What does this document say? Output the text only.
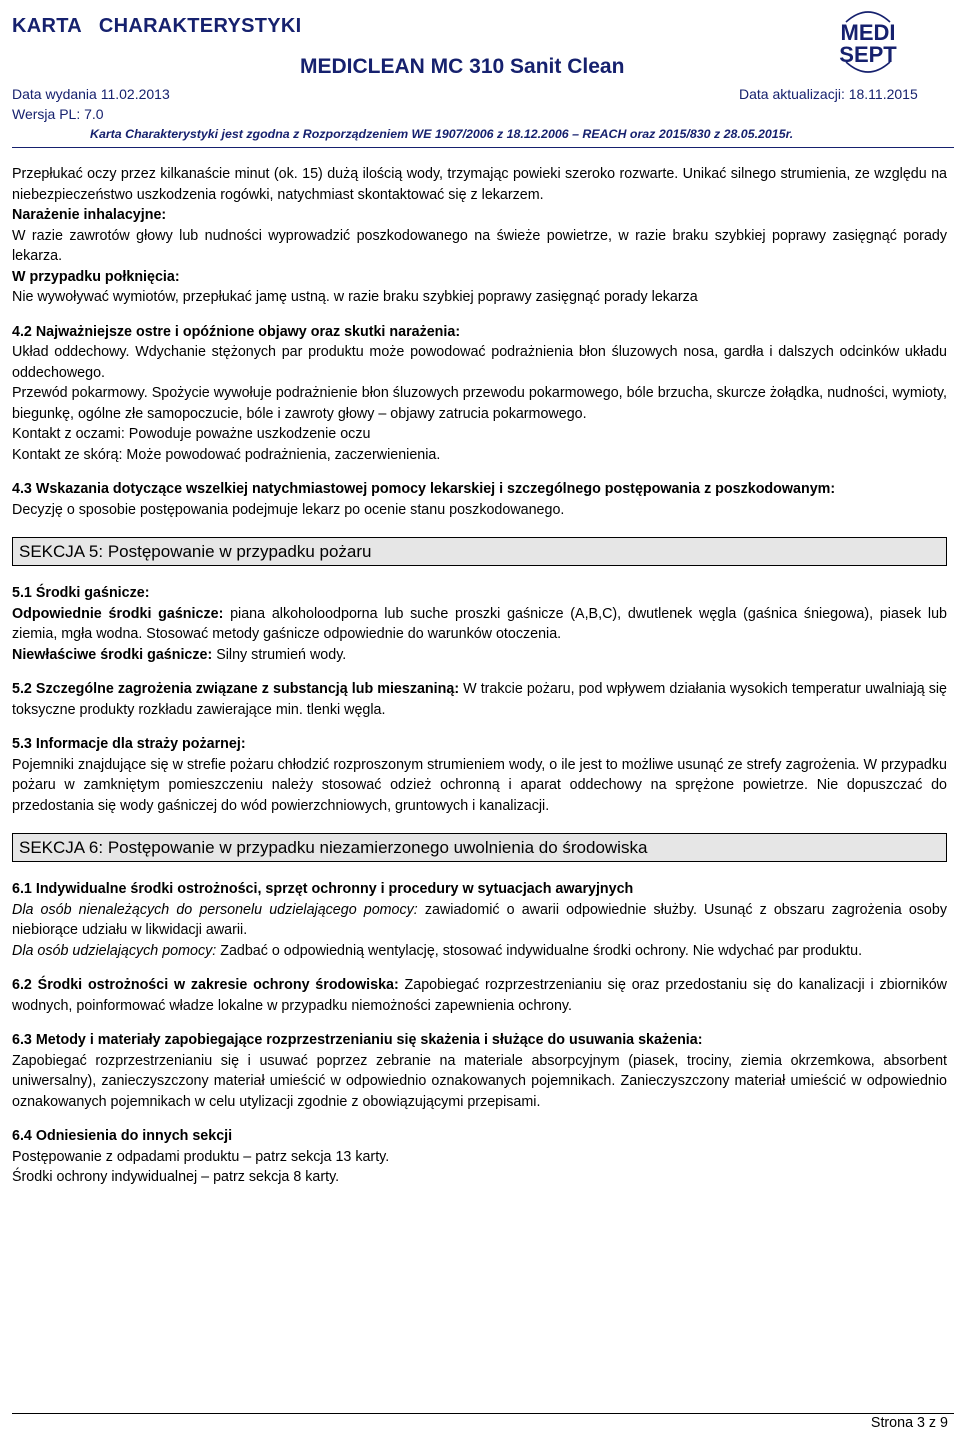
KARTA   CHARAKTERYSTYKI
MEDICLEAN MC 310 Sanit Clean
Data wydania 11.02.2013	Data aktualizacji: 18.11.2015
Wersja PL: 7.0
Karta Charakterystyki jest zgodna z Rozporządzeniem WE 1907/2006 z 18.12.2006 – REACH oraz 2015/830 z 28.05.2015r.
MEDI
SEPT

Przepłukać oczy przez kilkanaście minut (ok. 15) dużą ilością wody, trzymając powieki szeroko rozwarte. Unikać silnego strumienia, ze względu na niebezpieczeństwo uszkodzenia rogówki, natychmiast skontaktować się z lekarzem.

Narażenie inhalacyjne:

W razie zawrotów głowy lub nudności wyprowadzić poszkodowanego na świeże powietrze, w razie braku szybkiej poprawy zasięgnąć porady lekarza.

W przypadku połknięcia:

Nie wywoływać wymiotów, przepłukać jamę ustną. w razie braku szybkiej poprawy zasięgnąć porady lekarza

4.2 Najważniejsze ostre i opóźnione objawy oraz skutki narażenia:

Układ oddechowy. Wdychanie stężonych par produktu może powodować podrażnienia błon śluzowych nosa, gardła i dalszych odcinków układu oddechowego.

Przewód pokarmowy. Spożycie wywołuje podrażnienie błon śluzowych przewodu pokarmowego, bóle brzucha, skurcze żołądka, nudności, wymioty, biegunkę, ogólne złe samopoczucie, bóle i zawroty głowy – objawy zatrucia pokarmowego.

Kontakt z oczami: Powoduje poważne uszkodzenie oczu

Kontakt ze skórą: Może powodować podrażnienia, zaczerwienienia.

4.3 Wskazania dotyczące wszelkiej natychmiastowej pomocy lekarskiej i szczególnego postępowania z poszkodowanym:

Decyzję o sposobie postępowania podejmuje lekarz po ocenie stanu poszkodowanego.

SEKCJA 5: Postępowanie w przypadku pożaru

5.1 Środki gaśnicze:

Odpowiednie środki gaśnicze: piana alkoholoodporna lub suche proszki gaśnicze (A,B,C), dwutlenek węgla (gaśnica śniegowa), piasek lub ziemia, mgła wodna. Stosować metody gaśnicze odpowiednie do warunków otoczenia.

Niewłaściwe środki gaśnicze: Silny strumień wody.

5.2 Szczególne zagrożenia związane z substancją lub mieszaniną: W trakcie pożaru, pod wpływem działania wysokich temperatur uwalniają się toksyczne produkty rozkładu zawierające min. tlenki węgla.

5.3 Informacje dla straży pożarnej:

Pojemniki znajdujące się w strefie pożaru chłodzić rozproszonym strumieniem wody, o ile jest to możliwe usunąć ze strefy zagrożenia. W przypadku pożaru w zamkniętym pomieszczeniu należy stosować odzież ochronną i aparat oddechowy na sprężone powietrze. Nie dopuszczać do przedostania się wody gaśniczej do wód powierzchniowych, gruntowych i kanalizacji.

SEKCJA 6: Postępowanie w przypadku niezamierzonego uwolnienia do środowiska

6.1 Indywidualne środki ostrożności, sprzęt ochronny i procedury w sytuacjach awaryjnych

Dla osób nienależących do personelu udzielającego pomocy: zawiadomić o awarii odpowiednie służby. Usunąć z obszaru zagrożenia osoby niebiorące udziału w likwidacji awarii.

Dla osób udzielających pomocy: Zadbać o odpowiednią wentylację, stosować indywidualne środki ochrony. Nie wdychać par produktu.

6.2 Środki ostrożności w zakresie ochrony środowiska: Zapobiegać rozprzestrzenianiu się oraz przedostaniu się do kanalizacji i zbiorników wodnych, poinformować władze lokalne w przypadku niemożności zapewnienia ochrony.

6.3 Metody i materiały zapobiegające rozprzestrzenianiu się skażenia i służące do usuwania skażenia:

Zapobiegać rozprzestrzenianiu się i usuwać poprzez zebranie na materiale absorpcyjnym (piasek, trociny, ziemia okrzemkowa, absorbent uniwersalny), zanieczyszczony materiał umieścić w odpowiednio oznakowanych pojemnikach. Zanieczyszczony materiał umieścić w odpowiednio oznakowanych pojemnikach w celu utylizacji zgodnie z obowiązującymi przepisami.

6.4 Odniesienia do innych sekcji

Postępowanie z odpadami produktu – patrz sekcja 13 karty.

Środki ochrony indywidualnej – patrz sekcja 8 karty.

Strona 3 z 9
